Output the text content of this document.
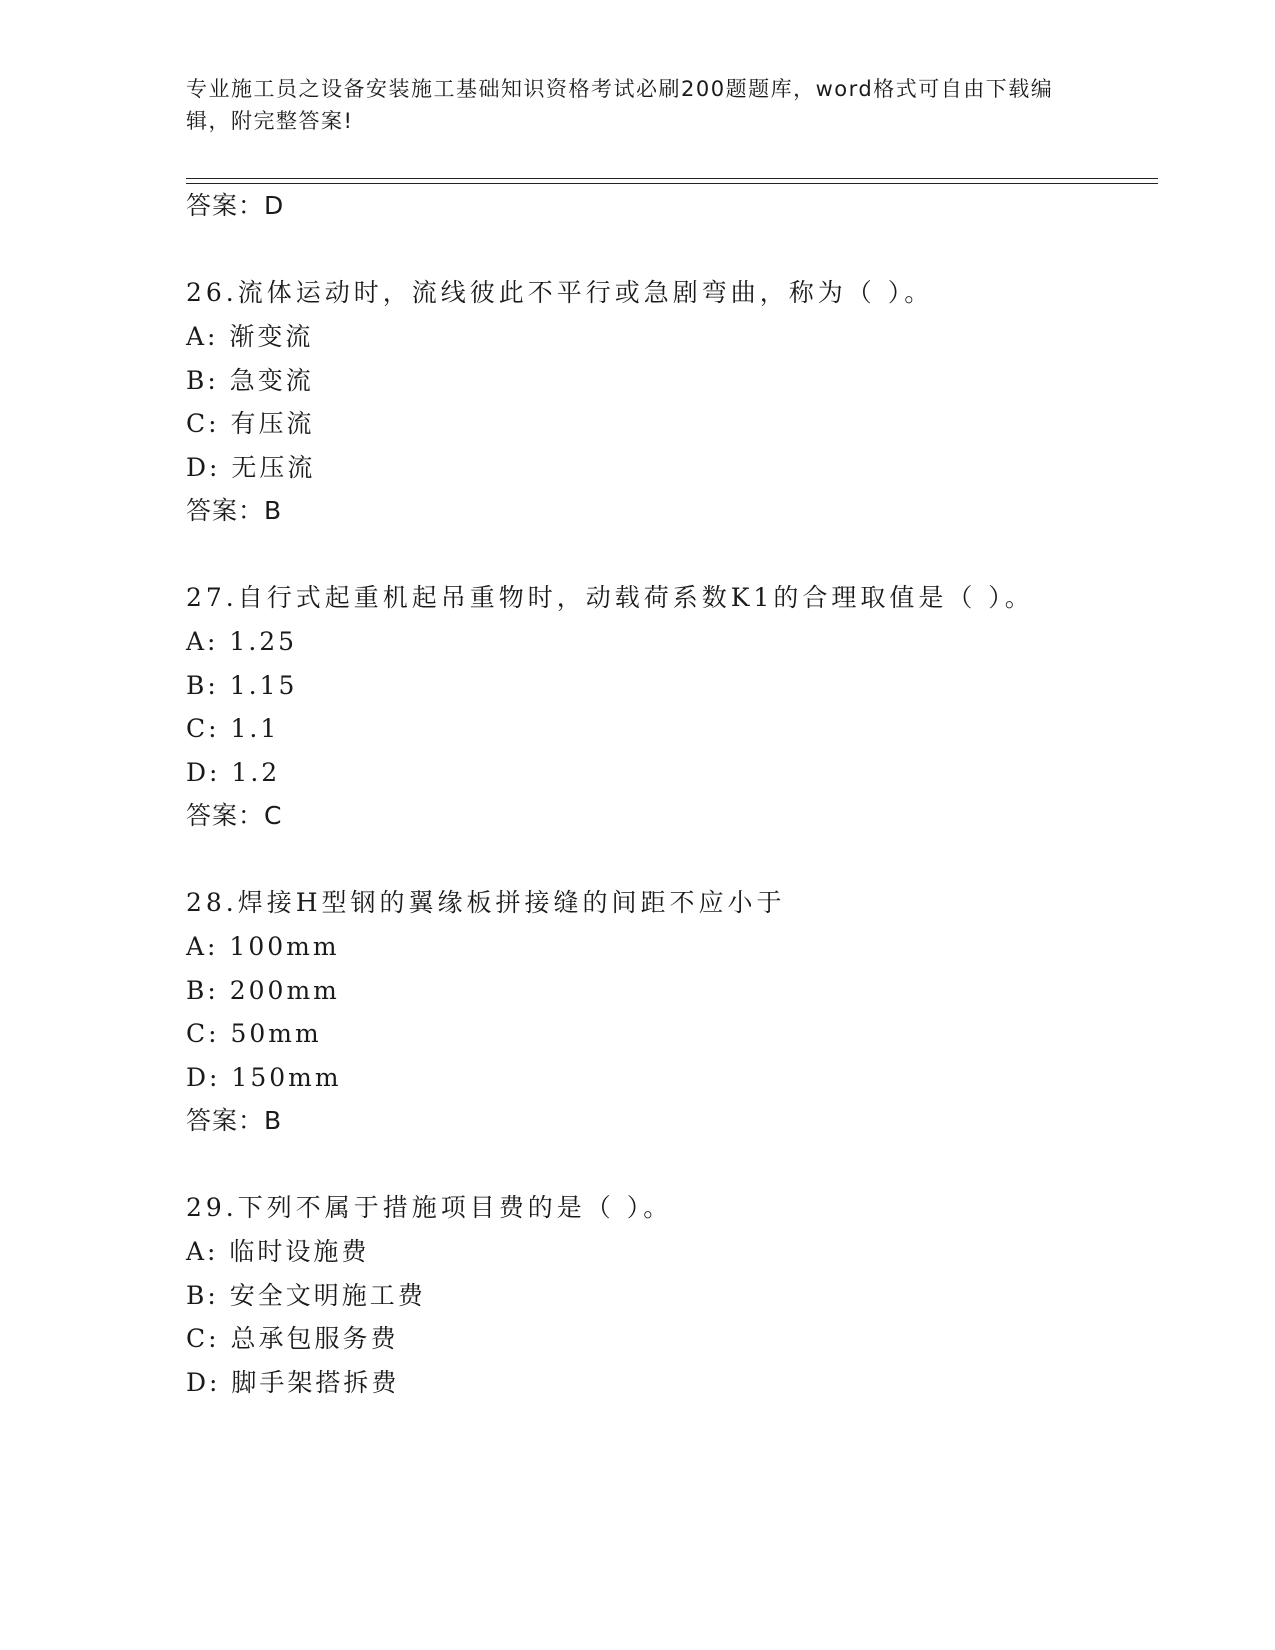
专业施工员之设备安装施工基础知识资格考试必刷200题题库，word格式可自由下载编辑，附完整答案!
答案：D
26.流体运动时，流线彼此不平行或急剧弯曲，称为（ ）。
A: 渐变流
B: 急变流
C: 有压流
D: 无压流
答案：B
27.自行式起重机起吊重物时，动载荷系数K1的合理取值是（ ）。
A: 1.25
B: 1.15
C: 1.1
D: 1.2
答案：C
28.焊接H型钢的翼缘板拼接缝的间距不应小于
A: 100mm
B: 200mm
C: 50mm
D: 150mm
答案：B
29.下列不属于措施项目费的是（ ）。
A: 临时设施费
B: 安全文明施工费
C: 总承包服务费
D: 脚手架搭拆费
